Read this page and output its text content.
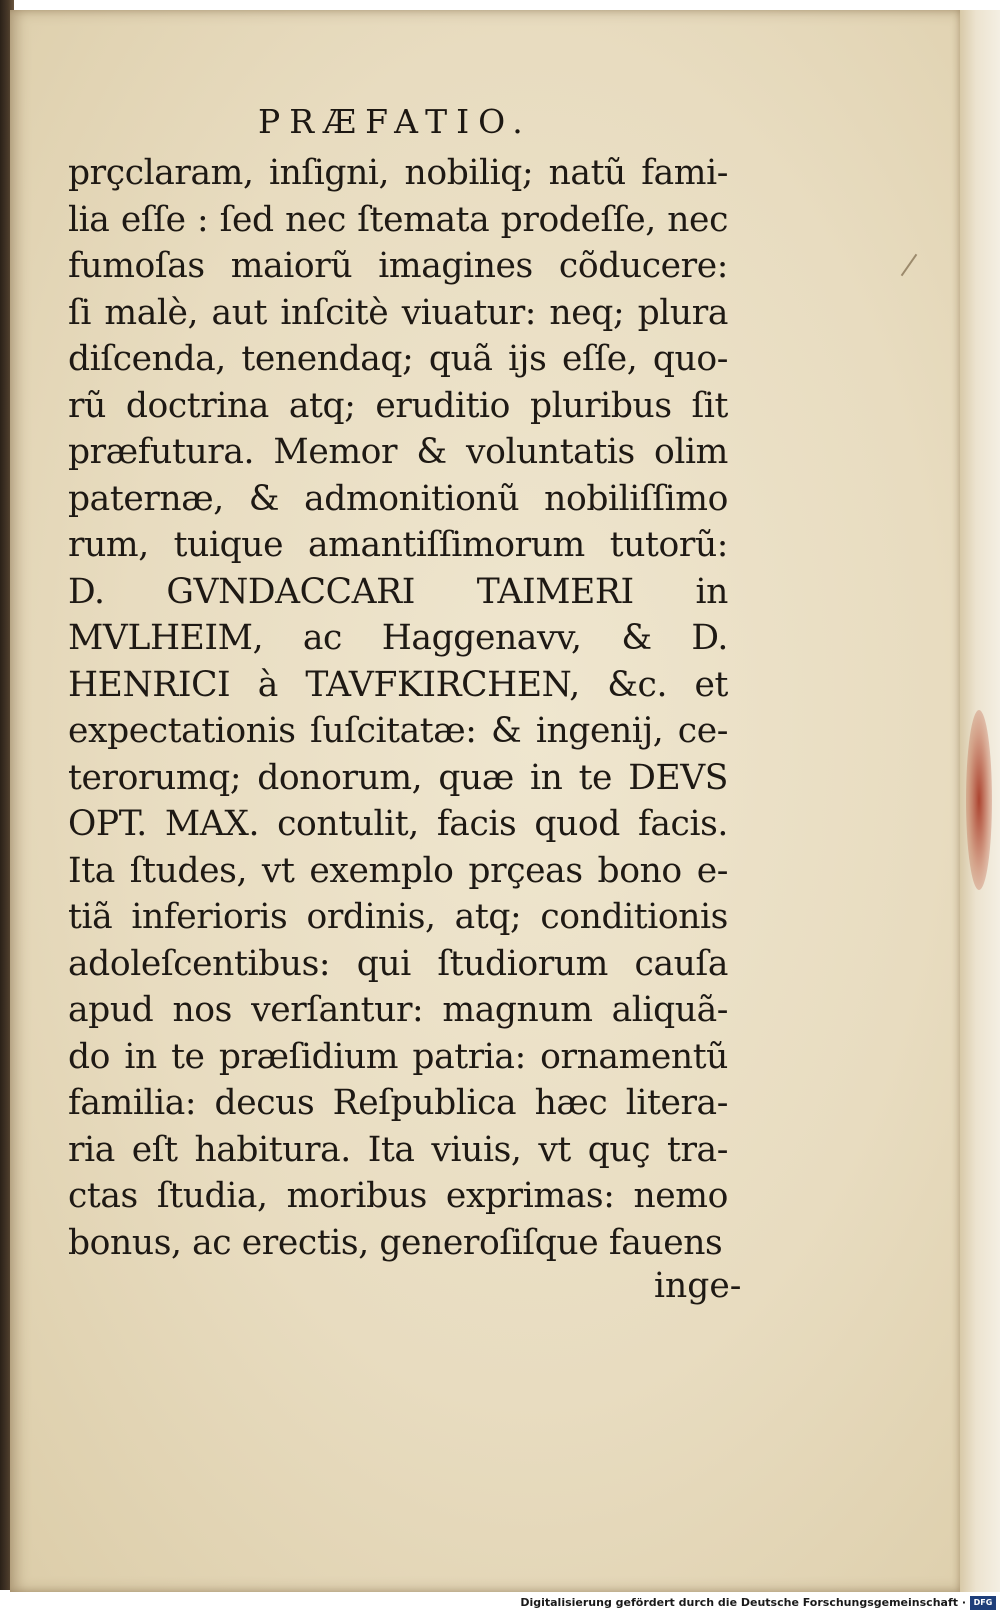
PRÆFATIO.
prçclaram, inſigni, nobiliq; natũ fami-
lia eſſe : ſed nec ſtemata prodeſſe, nec
fumoſas maiorũ imagines cõducere:
ſi malè, aut inſcitè viuatur: neq; plura
diſcenda, tenendaq; quã ijs eſſe, quo-
rũ doctrina atq; eruditio pluribus ſit
præfutura. Memor & voluntatis olim
paternæ, & admonitionũ nobiliſſimo
rum, tuique amantiſſimorum tutorũ:
D. GVNDACCARI TAIMERI in
MVLHEIM, ac Haggenavv, & D.
HENRICI à TAVFKIRCHEN, &c. et
expectationis ſuſcitatæ: & ingenij, ce-
terorumq; donorum, quæ in te DEVS
OPT. MAX. contulit, facis quod facis.
Ita ſtudes, vt exemplo prçeas bono e-
tiã inferioris ordinis, atq; conditionis
adoleſcentibus: qui ſtudiorum cauſa
apud nos verſantur: magnum aliquã-
do in te præſidium patria: ornamentũ
familia: decus Reſpublica hæc litera-
ria eſt habitura. Ita viuis, vt quç tra-
ctas ſtudia, moribus exprimas: nemo
bonus, ac erectis, generoſiſque fauens
inge-
Digitalisierung gefördert durch die Deutsche Forschungsgemeinschaft · DFG
